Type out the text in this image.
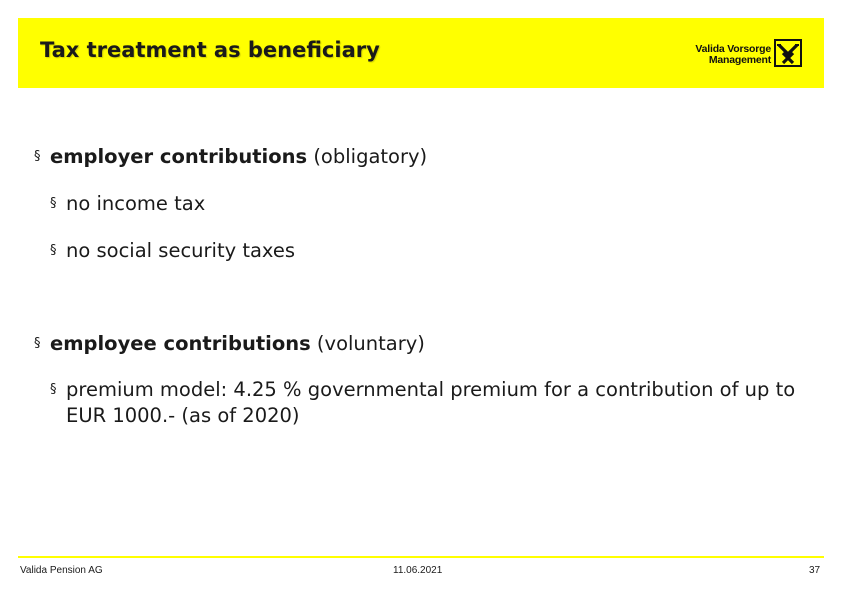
Tax treatment as beneficiary	Valida Vorsorge
Management
§ employer contributions (obligatory)
§ no income tax
§ no social security taxes
§ employee contributions (voluntary)
§ premium model: 4.25 % governmental premium for a contribution of up to EUR 1000.- (as of 2020)
Valida Pension AG	11.06.2021	37
